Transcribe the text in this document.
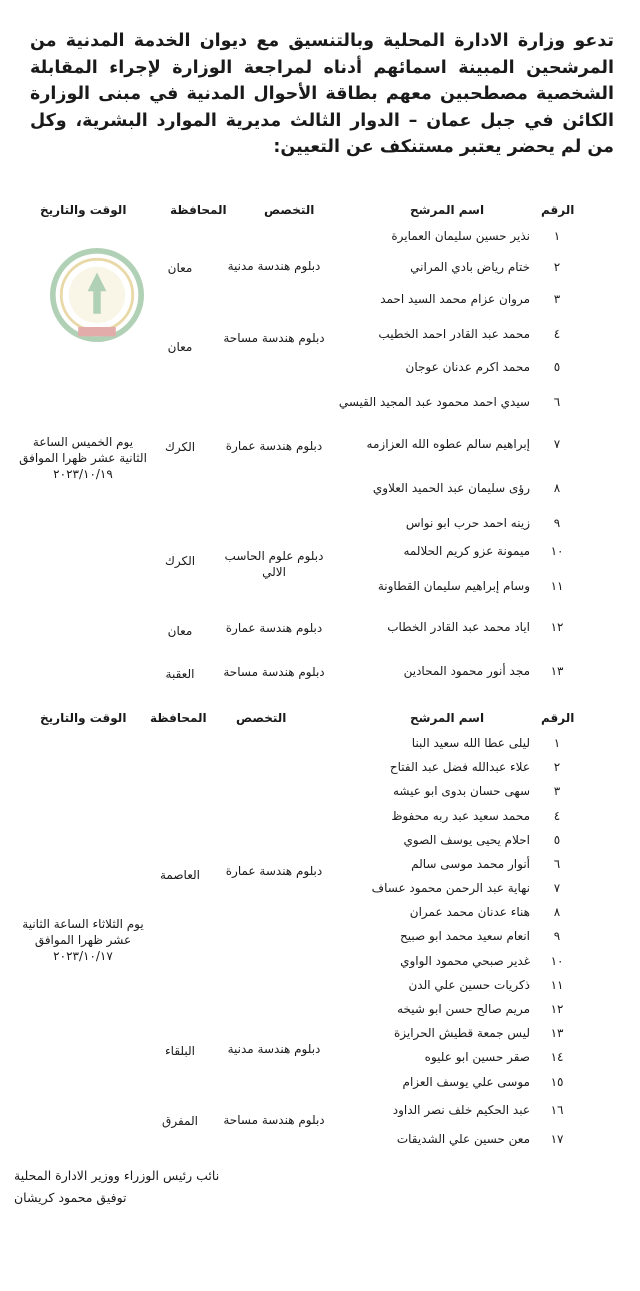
تدعو وزارة الادارة المحلية وبالتنسيق مع ديوان الخدمة المدنية من المرشحين المبينة اسمائهم أدناه لمراجعة الوزارة لإجراء المقابلة الشخصية مصطحبين معهم بطاقة الأحوال المدنية في مبنى الوزارة الكائن في جبل عمان – الدوار الثالث مديرية الموارد البشرية، وكل من لم يحضر يعتبر مستنكف عن التعيين:
الرقم
اسم المرشح
التخصص
المحافظة
الوقت والتاريخ
١
نذير حسين سليمان العمايرة
٢
ختام رياض بادي المراني
٣
مروان عزام محمد السيد احمد
٤
محمد عبد القادر احمد الخطيب
٥
محمد اكرم عدنان عوجان
٦
سيدي احمد محمود عبد المجيد القيسي
٧
إبراهيم سالم عطوه الله العزازمه
٨
رؤى سليمان عبد الحميد العلاوي
٩
زينه احمد حرب ابو نواس
١٠
ميمونة عزو كريم الحلالمه
١١
وسام إبراهيم سليمان القطاونة
١٢
اياد محمد عبد القادر الخطاب
١٣
مجد أنور محمود المحادين
دبلوم هندسة مدنية
دبلوم هندسة مساحة
دبلوم هندسة عمارة
دبلوم علوم الحاسب الالي
دبلوم هندسة عمارة
دبلوم هندسة مساحة
معان
معان
الكرك
الكرك
معان
العقبة
يوم الخميس الساعة الثانية عشر ظهرا الموافق ٢٠٢٣/١٠/١٩
الرقم
اسم المرشح
التخصص
المحافظة
الوقت والتاريخ
١
ليلى عطا الله سعيد البنا
٢
علاء عبدالله فضل عبد الفتاح
٣
سهى حسان بدوى ابو عيشه
٤
محمد سعيد عبد ربه محفوظ
٥
احلام يحيى يوسف الصوي
٦
أنوار محمد موسى سالم
٧
نهاية عبد الرحمن محمود عساف
٨
هناء عدنان محمد عمران
٩
انعام سعيد محمد ابو صبيح
١٠
غدير صبحي محمود الواوي
١١
ذكريات حسين علي الدن
١٢
مريم صالح حسن ابو شيخه
١٣
ليس جمعة قطيش الحرايزة
١٤
صقر حسين ابو عليوه
١٥
موسى علي يوسف العزام
١٦
عبد الحكيم خلف نصر الداود
١٧
معن حسين علي الشديقات
دبلوم هندسة عمارة
دبلوم هندسة مدنية
دبلوم هندسة مساحة
العاصمة
البلقاء
المفرق
يوم الثلاثاء الساعة الثانية عشر ظهرا الموافق ٢٠٢٣/١٠/١٧
نائب رئيس الوزراء ووزير الادارة المحلية
توفيق محمود كريشان
